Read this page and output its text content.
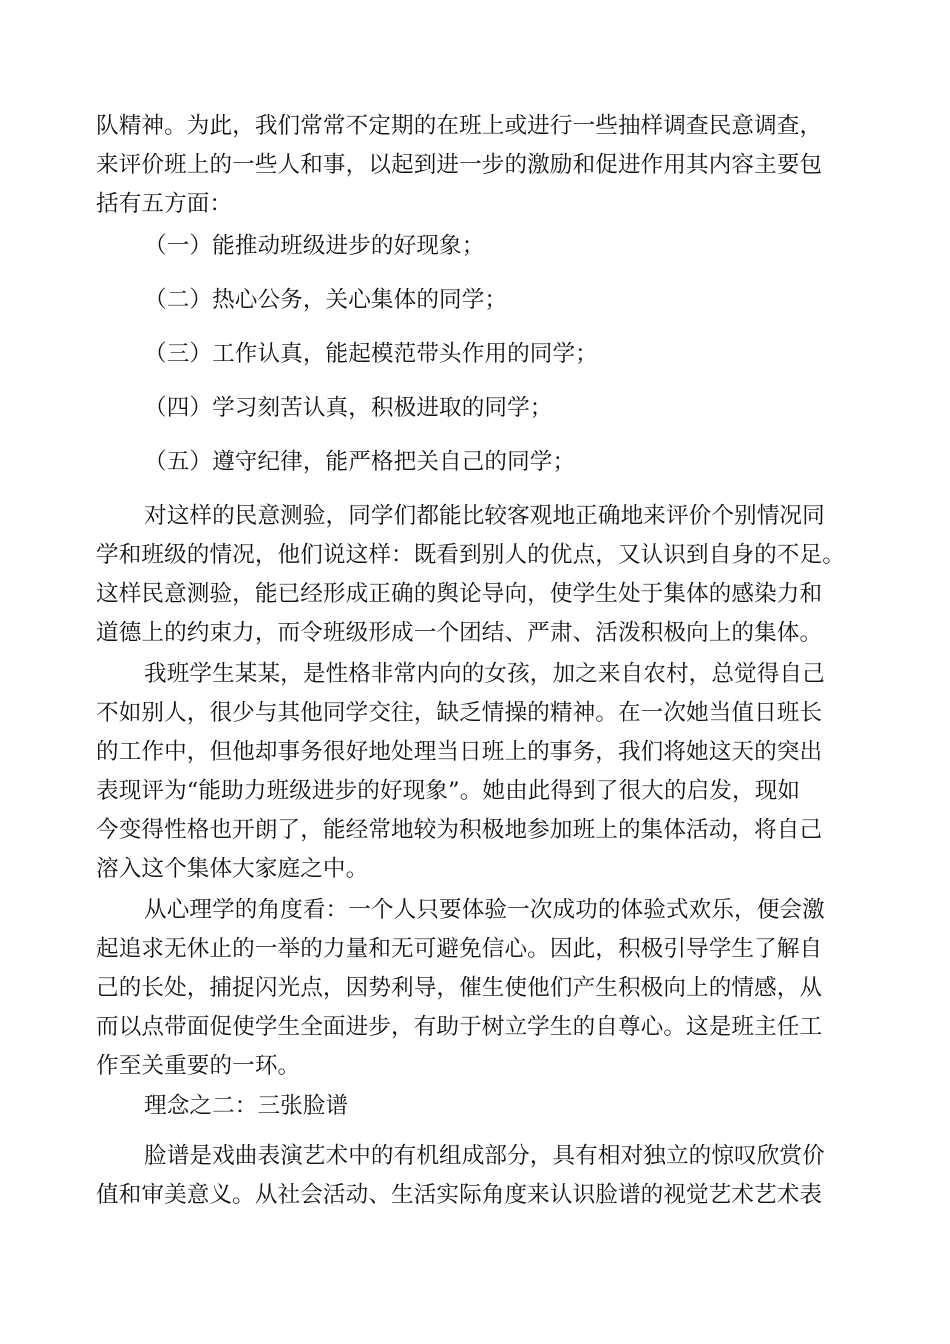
队精神。为此，我们常常不定期的在班上或进行一些抽样调查民意调查，
来评价班上的一些人和事，以起到进一步的激励和促进作用其内容主要包
括有五方面：
（一）能推动班级进步的好现象；
（二）热心公务，关心集体的同学；
（三）工作认真，能起模范带头作用的同学；
（四）学习刻苦认真，积极进取的同学；
（五）遵守纪律，能严格把关自己的同学；
对这样的民意测验，同学们都能比较客观地正确地来评价个别情况同
学和班级的情况，他们说这样：既看到别人的优点，又认识到自身的不足。
这样民意测验，能已经形成正确的舆论导向，使学生处于集体的感染力和
道德上的约束力，而令班级形成一个团结、严肃、活泼积极向上的集体。
我班学生某某，是性格非常内向的女孩，加之来自农村，总觉得自己
不如别人，很少与其他同学交往，缺乏情操的精神。在一次她当值日班长
的工作中，但他却事务很好地处理当日班上的事务，我们将她这天的突出
表现评为“能助力班级进步的好现象”。她由此得到了很大的启发，现如
今变得性格也开朗了，能经常地较为积极地参加班上的集体活动，将自己
溶入这个集体大家庭之中。
从心理学的角度看：一个人只要体验一次成功的体验式欢乐，便会激
起追求无休止的一举的力量和无可避免信心。因此，积极引导学生了解自
己的长处，捕捉闪光点，因势利导，催生使他们产生积极向上的情感，从
而以点带面促使学生全面进步，有助于树立学生的自尊心。这是班主任工
作至关重要的一环。
理念之二：三张脸谱
脸谱是戏曲表演艺术中的有机组成部分，具有相对独立的惊叹欣赏价
值和审美意义。从社会活动、生活实际角度来认识脸谱的视觉艺术艺术表
